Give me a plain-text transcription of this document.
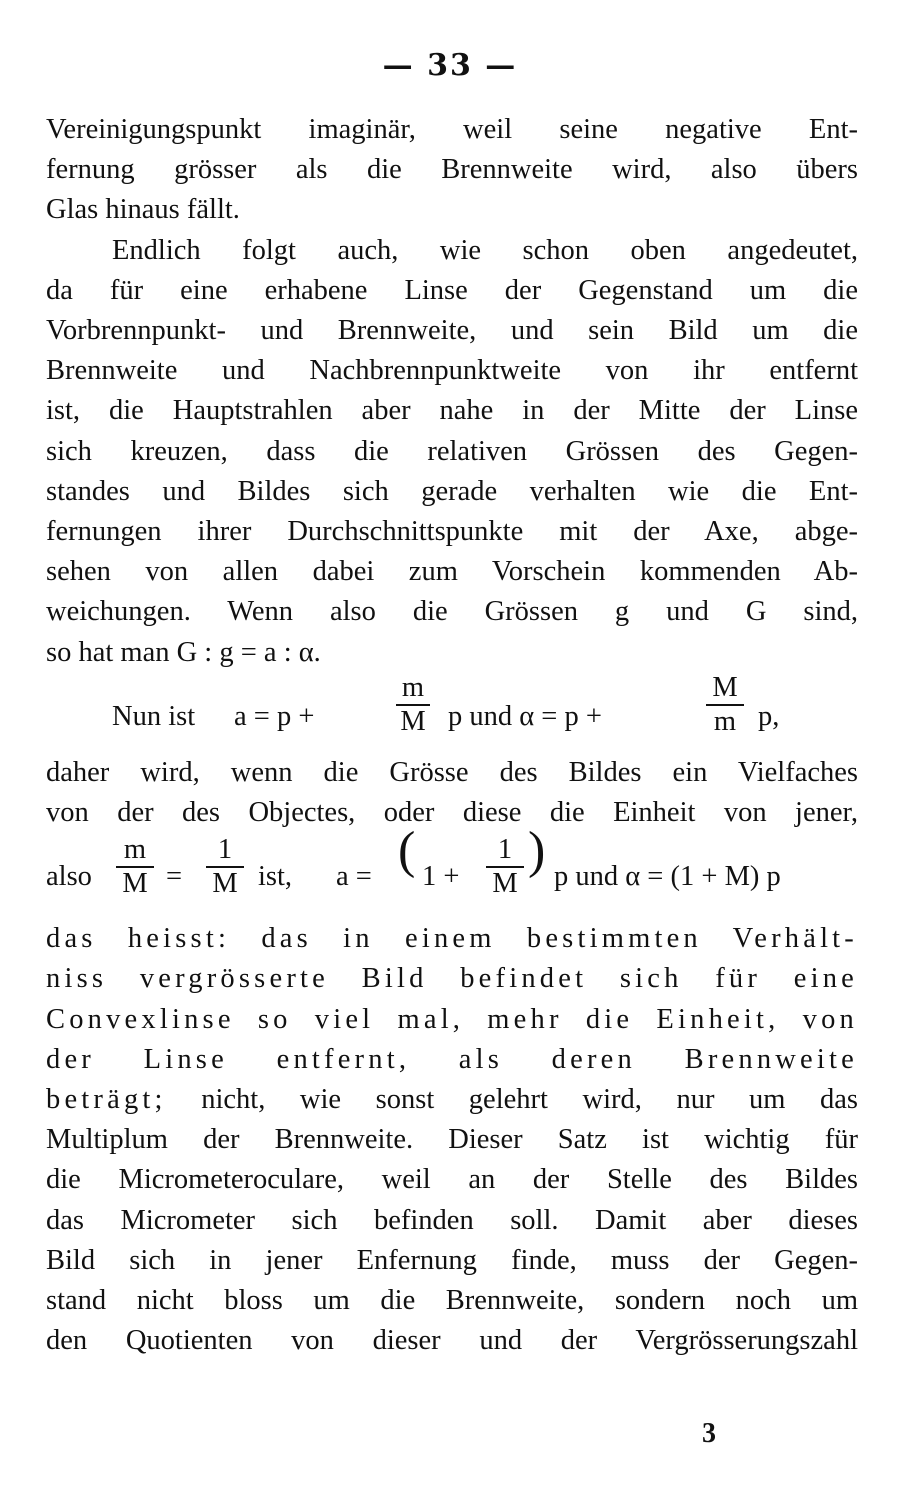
— 33 —

Vereinigungspunkt imaginär, weil seine negative Ent-

fernung grösser als die Brennweite wird, also übers

Glas hinaus fällt.

Endlich folgt auch, wie schon oben angedeutet,

da für eine erhabene Linse der Gegenstand um die

Vorbrennpunkt- und Brennweite, und sein Bild um die

Brennweite und Nachbrennpunktweite von ihr entfernt

ist, die Hauptstrahlen aber nahe in der Mitte der Linse

sich kreuzen, dass die relativen Grössen des Gegen-

standes und Bildes sich gerade verhalten wie die Ent-

fernungen ihrer Durchschnittspunkte mit der Axe, abge-

sehen von allen dabei zum Vorschein kommenden Ab-

weichungen. Wenn also die Grössen g und G sind,

so hat man G : g = a : α.

Nun ist a = p +
m
M p und α = p +
M
m p,

daher wird, wenn die Grösse des Bildes ein Vielfaches

von der des Objectes, oder diese die Einheit von jener,

also
m
M =
1
M ist, a = ( 1 +
1
M
) p und α = (1 + M) p

das heisst: das in einem bestimmten Verhält-

niss vergrösserte Bild befindet sich für eine

Convexlinse so viel mal, mehr die Einheit, von

der Linse entfernt, als deren Brennweite

beträgt; nicht, wie sonst gelehrt wird, nur um das

Multiplum der Brennweite. Dieser Satz ist wichtig für

die Micrometeroculare, weil an der Stelle des Bildes

das Micrometer sich befinden soll. Damit aber dieses

Bild sich in jener Enfernung finde, muss der Gegen-

stand nicht bloss um die Brennweite, sondern noch um

den Quotienten von dieser und der Vergrösserungszahl

3
